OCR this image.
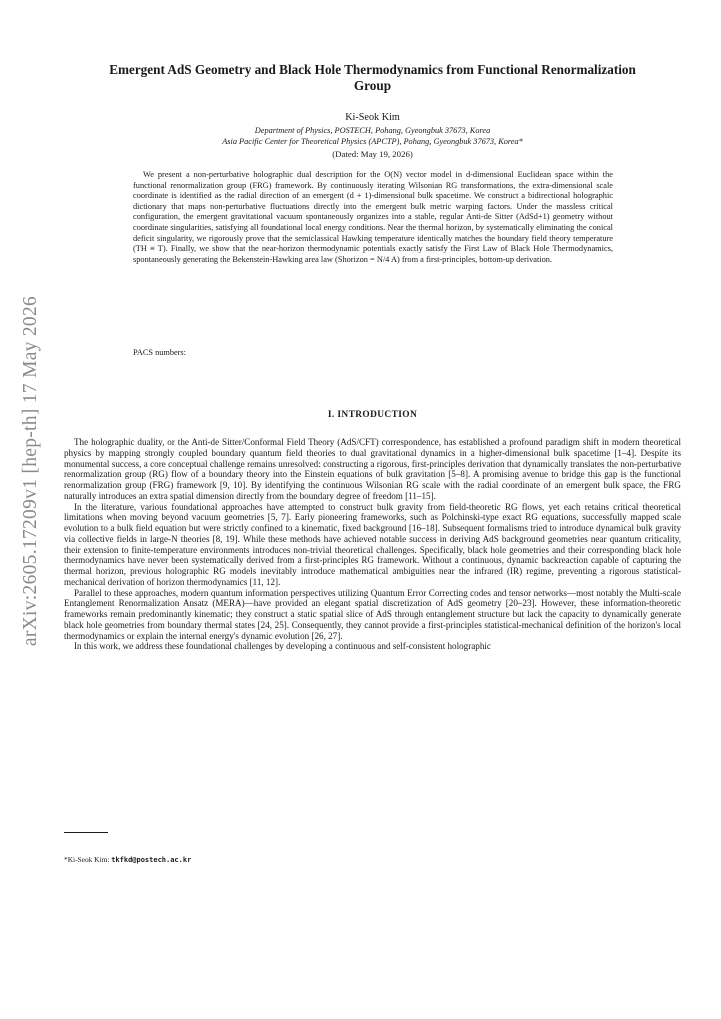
arXiv:2605.17209v1 [hep-th] 17 May 2026
Emergent AdS Geometry and Black Hole Thermodynamics from Functional Renormalization Group

Ki-Seok Kim

Department of Physics, POSTECH, Pohang, Gyeongbuk 37673, Korea

Asia Pacific Center for Theoretical Physics (APCTP), Pohang, Gyeongbuk 37673, Korea*

(Dated: May 19, 2026)

We present a non-perturbative holographic dual description for the O(N) vector model in d-dimensional Euclidean space within the functional renormalization group (FRG) framework. By continuously iterating Wilsonian RG transformations, the extra-dimensional scale coordinate is identified as the radial direction of an emergent (d + 1)-dimensional bulk spacetime. We construct a bidirectional holographic dictionary that maps non-perturbative fluctuations directly into the emergent bulk metric warping factors. Under the massless critical configuration, the emergent gravitational vacuum spontaneously organizes into a stable, regular Anti-de Sitter (AdSd+1) geometry without coordinate singularities, satisfying all foundational local energy conditions. Near the thermal horizon, by systematically eliminating the conical deficit singularity, we rigorously prove that the semiclassical Hawking temperature identically matches the boundary field theory temperature (TH ≡ T). Finally, we show that the near-horizon thermodynamic potentials exactly satisfy the First Law of Black Hole Thermodynamics, spontaneously generating the Bekenstein-Hawking area law (Shorizon = N/4 A) from a first-principles, bottom-up derivation.

PACS numbers:

I. INTRODUCTION

The holographic duality, or the Anti-de Sitter/Conformal Field Theory (AdS/CFT) correspondence, has established a profound paradigm shift in modern theoretical physics by mapping strongly coupled boundary quantum field theories to dual gravitational dynamics in a higher-dimensional bulk spacetime [1–4]. Despite its monumental success, a core conceptual challenge remains unresolved: constructing a rigorous, first-principles derivation that dynamically translates the non-perturbative renormalization group (RG) flow of a boundary theory into the Einstein equations of bulk gravitation [5–8]. A promising avenue to bridge this gap is the functional renormalization group (FRG) framework [9, 10]. By identifying the continuous Wilsonian RG scale with the radial coordinate of an emergent bulk space, the FRG naturally introduces an extra spatial dimension directly from the boundary degree of freedom [11–15].

In the literature, various foundational approaches have attempted to construct bulk gravity from field-theoretic RG flows, yet each retains critical theoretical limitations when moving beyond vacuum geometries [5, 7]. Early pioneering frameworks, such as Polchinski-type exact RG equations, successfully mapped scale evolution to a bulk field equation but were strictly confined to a kinematic, fixed background [16–18]. Subsequent formalisms tried to introduce dynamical bulk gravity via collective fields in large-N theories [8, 19]. While these methods have achieved notable success in deriving AdS background geometries near quantum criticality, their extension to finite-temperature environments introduces non-trivial theoretical challenges. Specifically, black hole geometries and their corresponding black hole thermodynamics have never been systematically derived from a first-principles RG framework. Without a continuous, dynamic backreaction capable of capturing the thermal horizon, previous holographic RG models inevitably introduce mathematical ambiguities near the infrared (IR) regime, preventing a rigorous statistical-mechanical derivation of horizon thermodynamics [11, 12].

Parallel to these approaches, modern quantum information perspectives utilizing Quantum Error Correcting codes and tensor networks—most notably the Multi-scale Entanglement Renormalization Ansatz (MERA)—have provided an elegant spatial discretization of AdS geometry [20–23]. However, these information-theoretic frameworks remain predominantly kinematic; they construct a static spatial slice of AdS through entanglement structure but lack the capacity to dynamically generate black hole geometries from boundary thermal states [24, 25]. Consequently, they cannot provide a first-principles statistical-mechanical definition of the horizon's local thermodynamics or explain the internal energy's dynamic evolution [26, 27].

In this work, we address these foundational challenges by developing a continuous and self-consistent holographic

*Ki-Seok Kim: tkfkd@postech.ac.kr
